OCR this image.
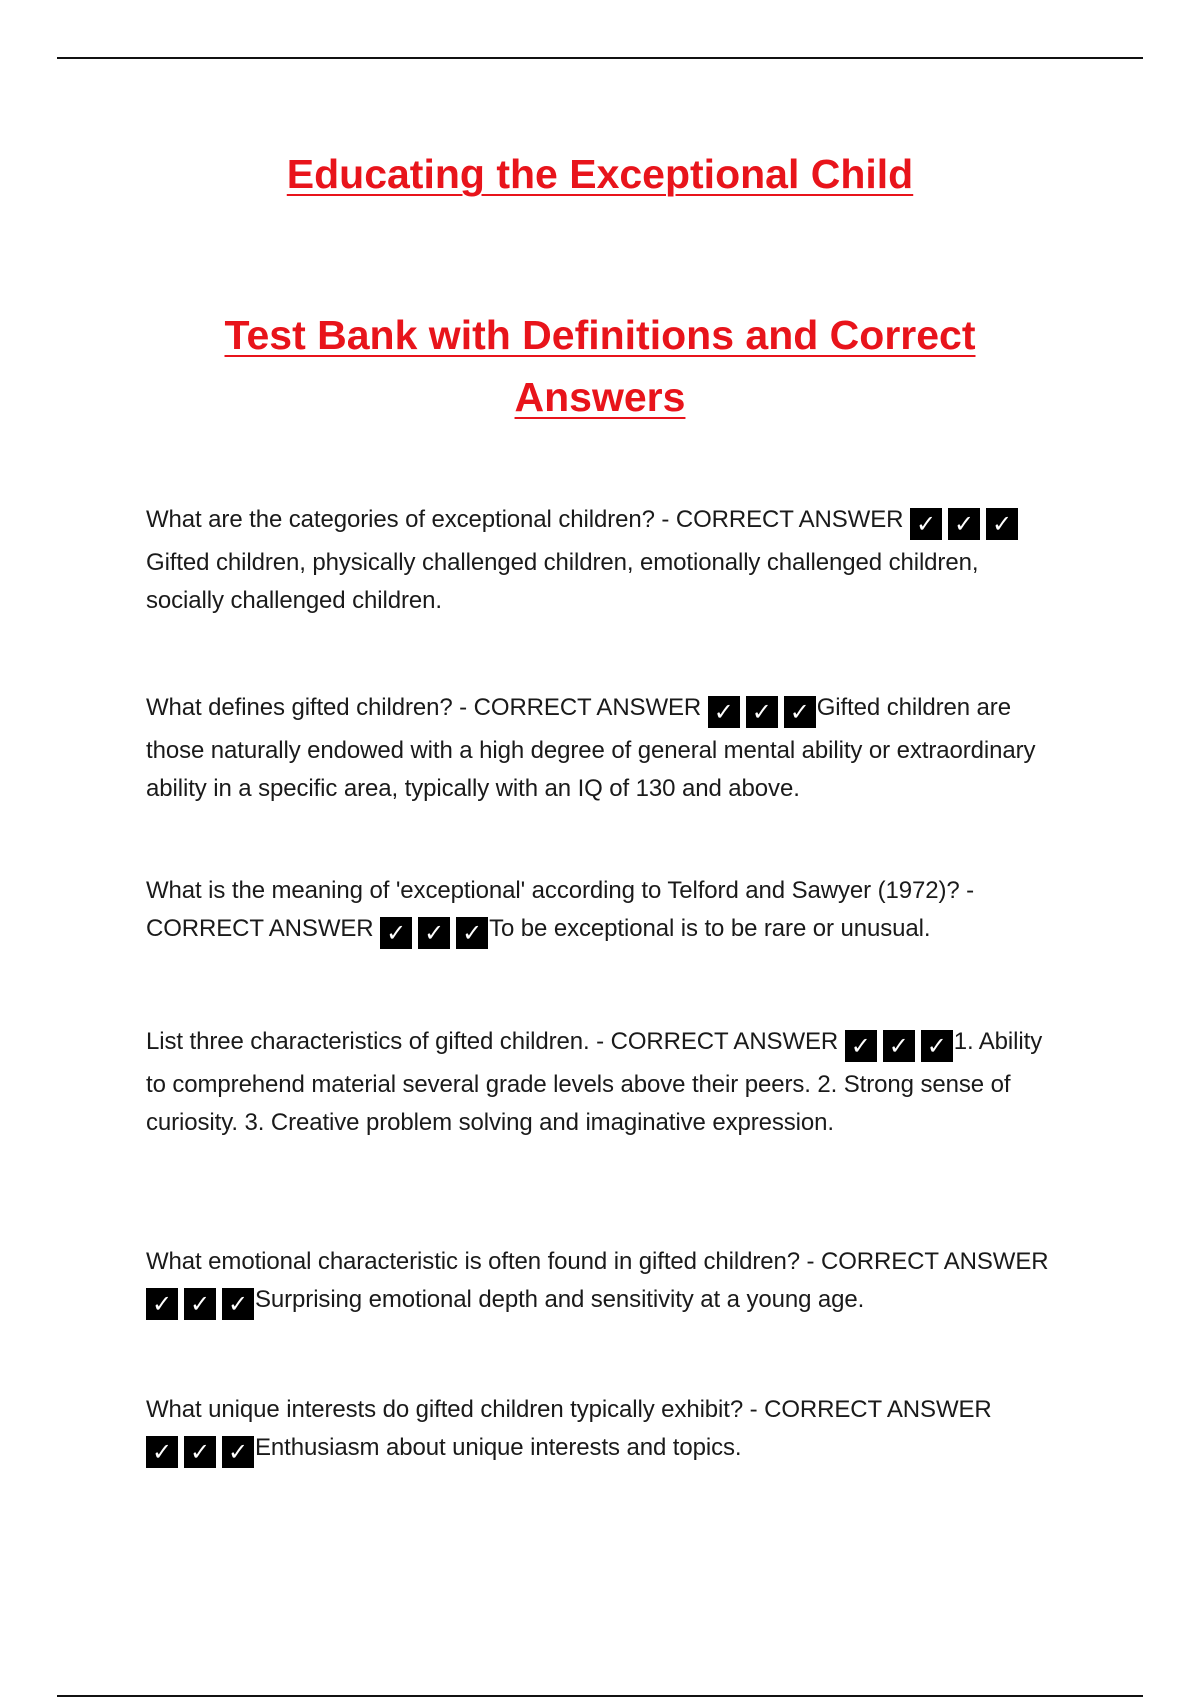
Educating the Exceptional Child
Test Bank with Definitions and Correct Answers
What are the categories of exceptional children? - CORRECT ANSWER ✓ ✓ ✓Gifted children, physically challenged children, emotionally challenged children, socially challenged children.
What defines gifted children? - CORRECT ANSWER ✓ ✓ ✓ Gifted children are those naturally endowed with a high degree of general mental ability or extraordinary ability in a specific area, typically with an IQ of 130 and above.
What is the meaning of 'exceptional' according to Telford and Sawyer (1972)? - CORRECT ANSWER ✓ ✓ ✓ To be exceptional is to be rare or unusual.
List three characteristics of gifted children. - CORRECT ANSWER ✓ ✓ ✓ 1. Ability to comprehend material several grade levels above their peers. 2. Strong sense of curiosity. 3. Creative problem solving and imaginative expression.
What emotional characteristic is often found in gifted children? - CORRECT ANSWER ✓ ✓ ✓ Surprising emotional depth and sensitivity at a young age.
What unique interests do gifted children typically exhibit? - CORRECT ANSWER ✓ ✓ ✓ Enthusiasm about unique interests and topics.
